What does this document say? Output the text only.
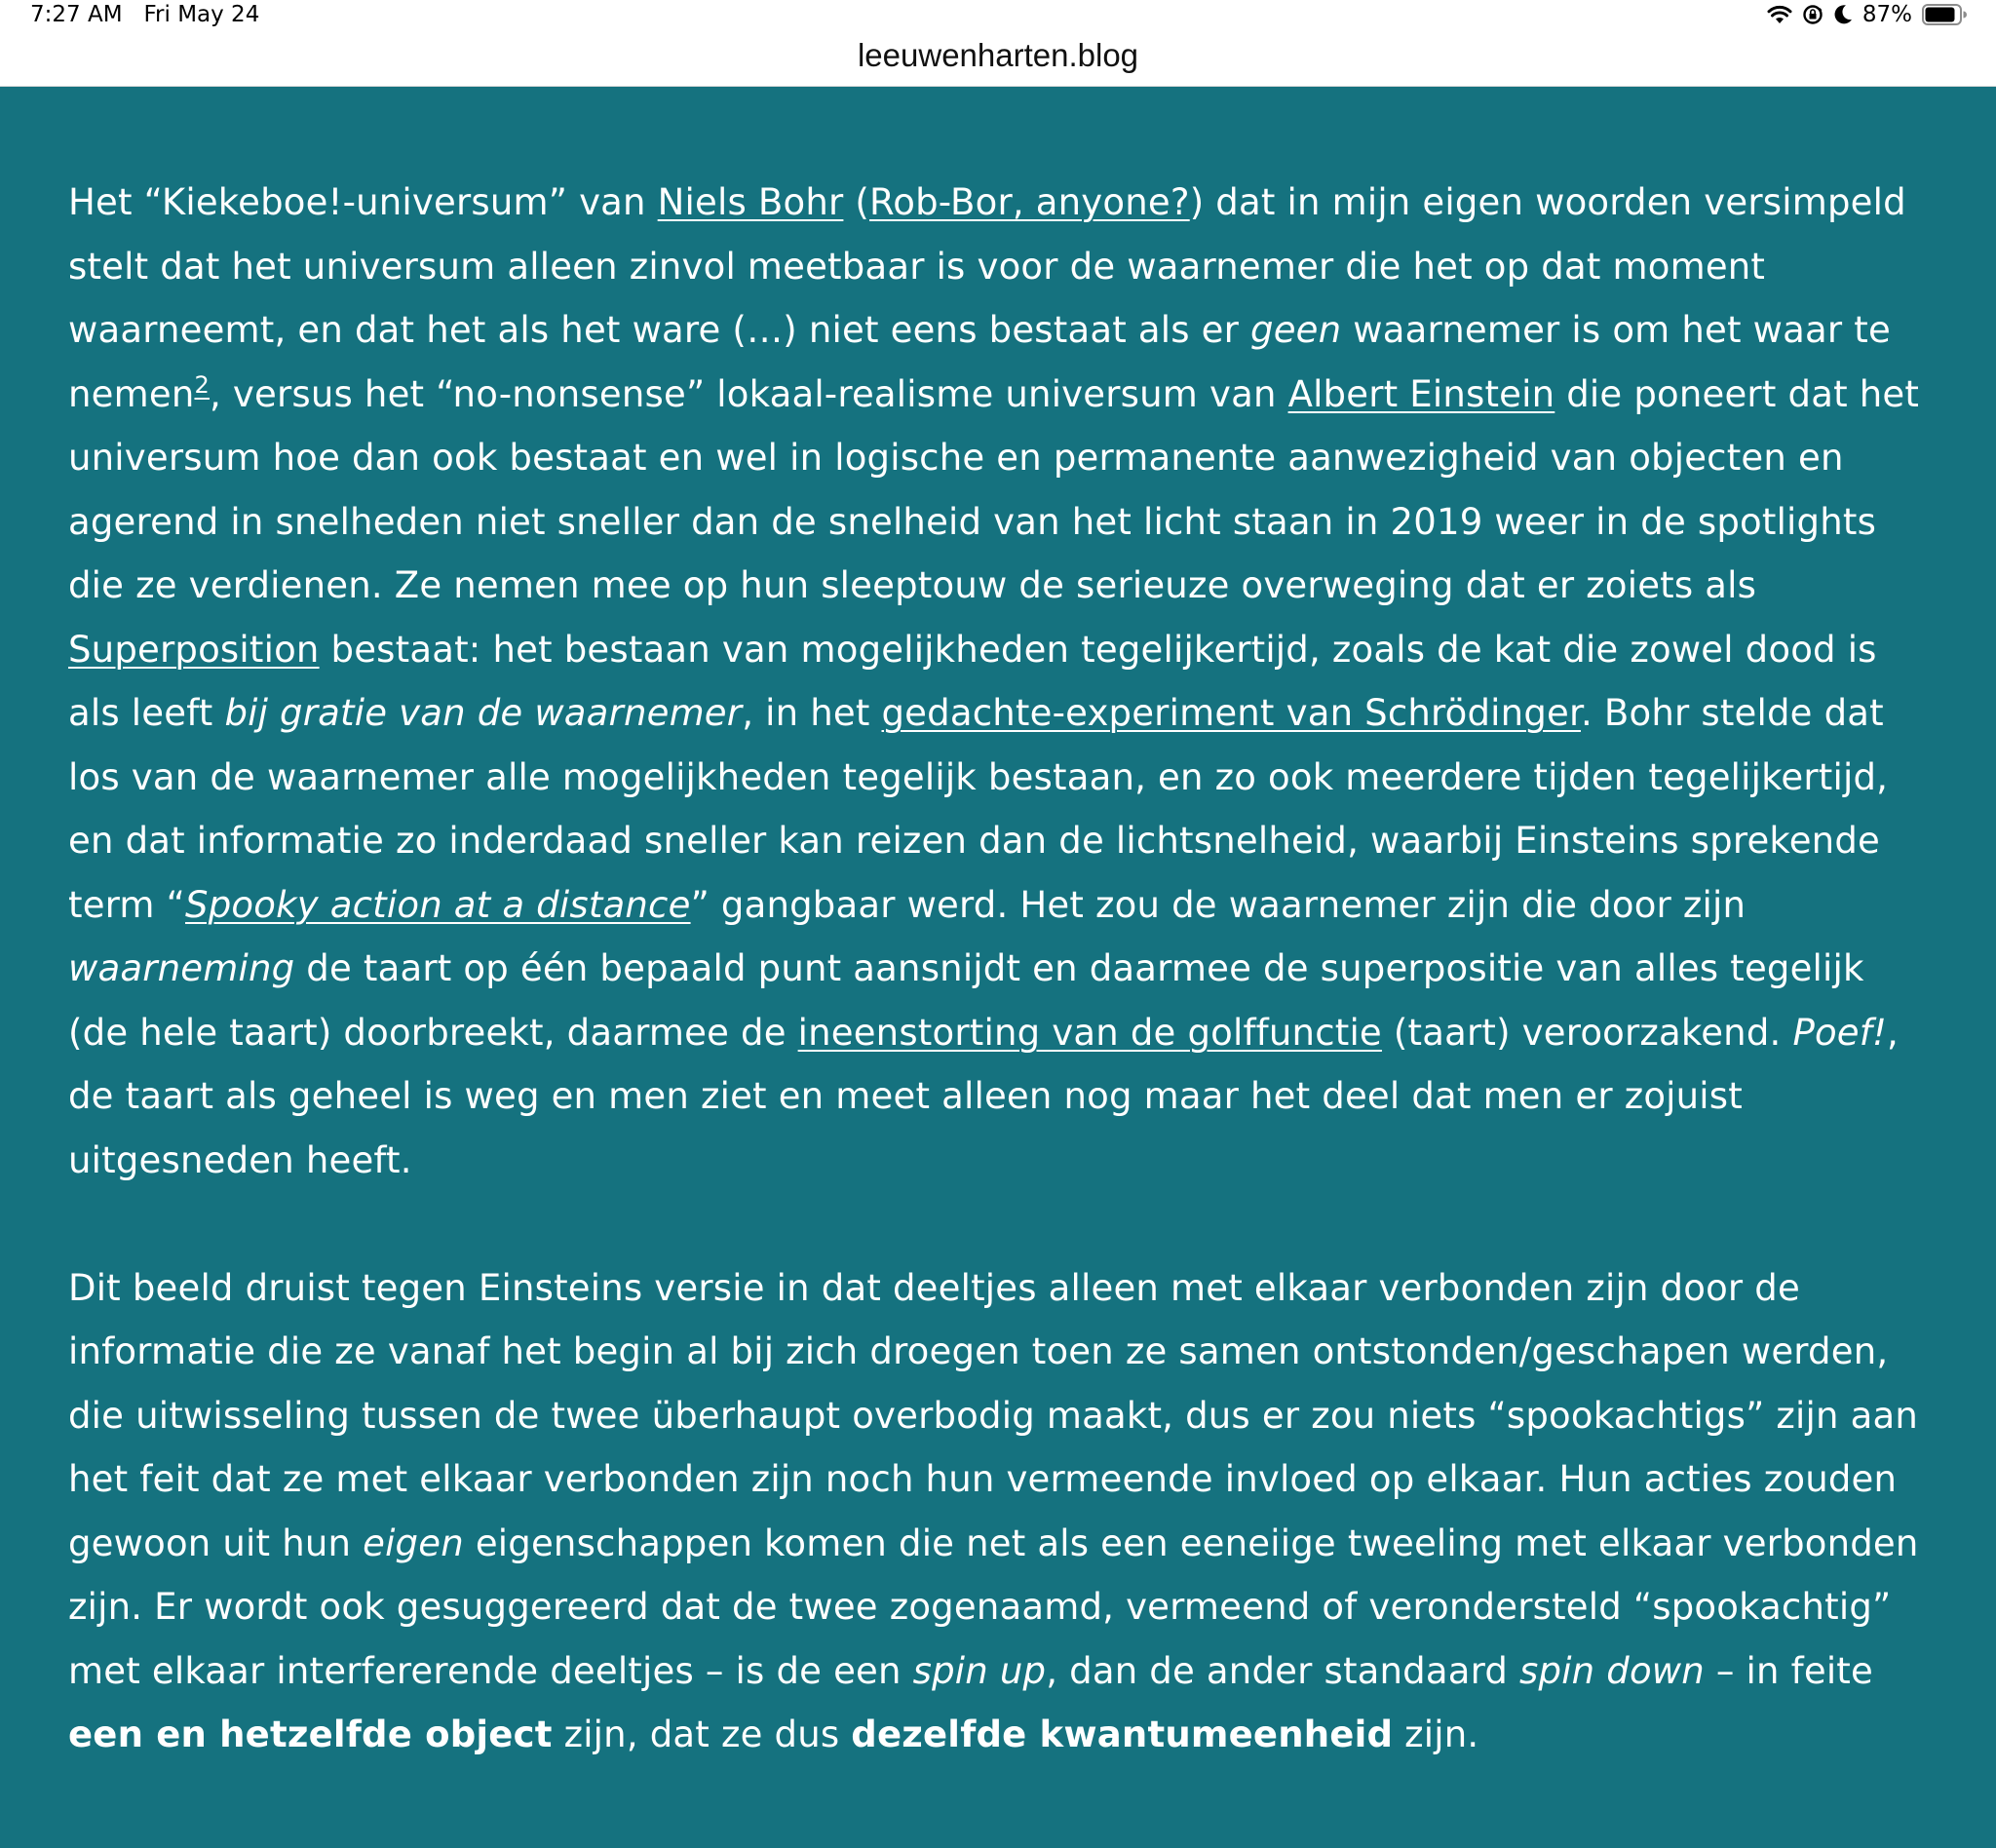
7:27 AM Fri May 24	87%
leeuwenharten.blog

Het “Kiekeboe!-universum” van Niels Bohr (Rob-Bor, anyone?) dat in mijn eigen woorden versimpeld stelt dat het universum alleen zinvol meetbaar is voor de waarnemer die het op dat moment waarneemt, en dat het als het ware (…) niet eens bestaat als er geen waarnemer is om het waar te nemen$^2$, versus het “no-nonsense” lokaal-realisme universum van Albert Einstein die poneert dat het universum hoe dan ook bestaat en wel in logische en permanente aanwezigheid van objecten en agerend in snelheden niet sneller dan de snelheid van het licht staan in 2019 weer in de spotlights die ze verdienen. Ze nemen mee op hun sleeptouw de serieuze overweging dat er zoiets als Superposition bestaat: het bestaan van mogelijkheden tegelijkertijd, zoals de kat die zowel dood is als leeft bij gratie van de waarnemer, in het gedachte-experiment van Schrödinger. Bohr stelde dat los van de waarnemer alle mogelijkheden tegelijk bestaan, en zo ook meerdere tijden tegelijkertijd, en dat informatie zo inderdaad sneller kan reizen dan de lichtsnelheid, waarbij Einsteins sprekende term “Spooky action at a distance” gangbaar werd. Het zou de waarnemer zijn die door zijn waarneming de taart op één bepaald punt aansnijdt en daarmee de superpositie van alles tegelijk (de hele taart) doorbreekt, daarmee de ineenstorting van de golffunctie (taart) veroorzakend. Poef!, de taart als geheel is weg en men ziet en meet alleen nog maar het deel dat men er zojuist uitgesneden heeft.

Dit beeld druist tegen Einsteins versie in dat deeltjes alleen met elkaar verbonden zijn door de informatie die ze vanaf het begin al bij zich droegen toen ze samen ontstonden/geschapen werden, die uitwisseling tussen de twee überhaupt overbodig maakt, dus er zou niets “spookachtigs” zijn aan het feit dat ze met elkaar verbonden zijn noch hun vermeende invloed op elkaar. Hun acties zouden gewoon uit hun eigen eigenschappen komen die net als een eeneiige tweeling met elkaar verbonden zijn. Er wordt ook gesuggereerd dat de twee zogenaamd, vermeend of verondersteld “spookachtig” met elkaar interfererende deeltjes – is de een spin up, dan de ander standaard spin down – in feite een en hetzelfde object zijn, dat ze dus dezelfde kwantumeenheid zijn.
